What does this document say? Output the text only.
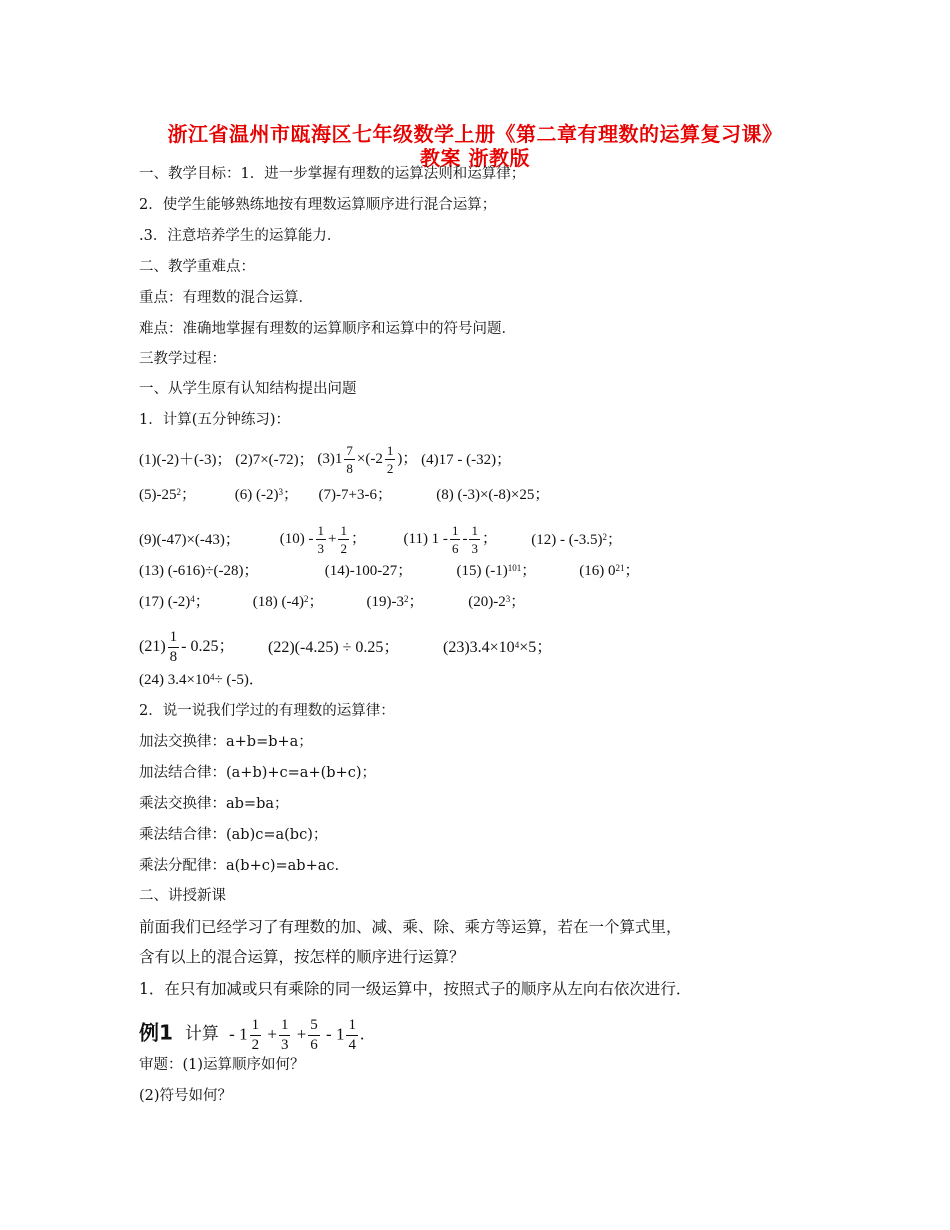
浙江省温州市瓯海区七年级数学上册《第二章有理数的运算复习课》
教案 浙教版
一、教学目标：1．进一步掌握有理数的运算法则和运算律；
2．使学生能够熟练地按有理数运算顺序进行混合运算；
.3．注意培养学生的运算能力．
二、教学重难点：
重点：有理数的混合运算．
难点：准确地掌握有理数的运算顺序和运算中的符号问题．
三教学过程：
一、从学生原有认知结构提出问题
1．计算(五分钟练习)：
(1)(-2)＋(-3)； (2)7×(-72)； $(3)1 \frac{7}{8} \times(-2 \frac{1}{2}$ )； (4)17 - (-32)；
$(5)-25^2$；	(6) $(-2)^3$； (7)-7+3-6；	(8) (-3)×(-8)×25；
(9)(-47)×(-43)；	$(10) - \frac{1}{3} + \frac{1}{2}$ ；	(11) $1 - \frac{1}{6} - \frac{1}{3}$ ； $(12) - (-3.5)^2$；
(13) (-616)÷(-28)；	(14)-100-27；	(15) $(-1)^{101}$；	(16) $0^{21}$；
(17) $(-2)^4$；	(18) $(-4)^2$；	$(19)-3^2$；	$(20)-2^3$；
$(21) \frac{1}{8} - 0.25$； (22)(-4.25) ÷ 0.25；	$(23)3.4\times 10^4\times 5$；
(24) $3.4\times 10^4\div (-5)$．
2．说一说我们学过的有理数的运算律：
加法交换律：a+b=b+a；
加法结合律：(a+b)+c=a+(b+c)；
乘法交换律：ab=ba；
乘法结合律：(ab)c=a(bc)；
乘法分配律：a(b+c)=ab+ac.
二、讲授新课
前面我们已经学习了有理数的加、减、乘、除、乘方等运算，若在一个算式里，
含有以上的混合运算，按怎样的顺序进行运算？
1．在只有加减或只有乘除的同一级运算中，按照式子的顺序从左向右依次进行．
例1 计算 - $1 \frac{1}{2} + \frac{1}{3} + \frac{5}{6} - 1 \frac{1}{4}$ .
审题：(1)运算顺序如何？
(2)符号如何？
